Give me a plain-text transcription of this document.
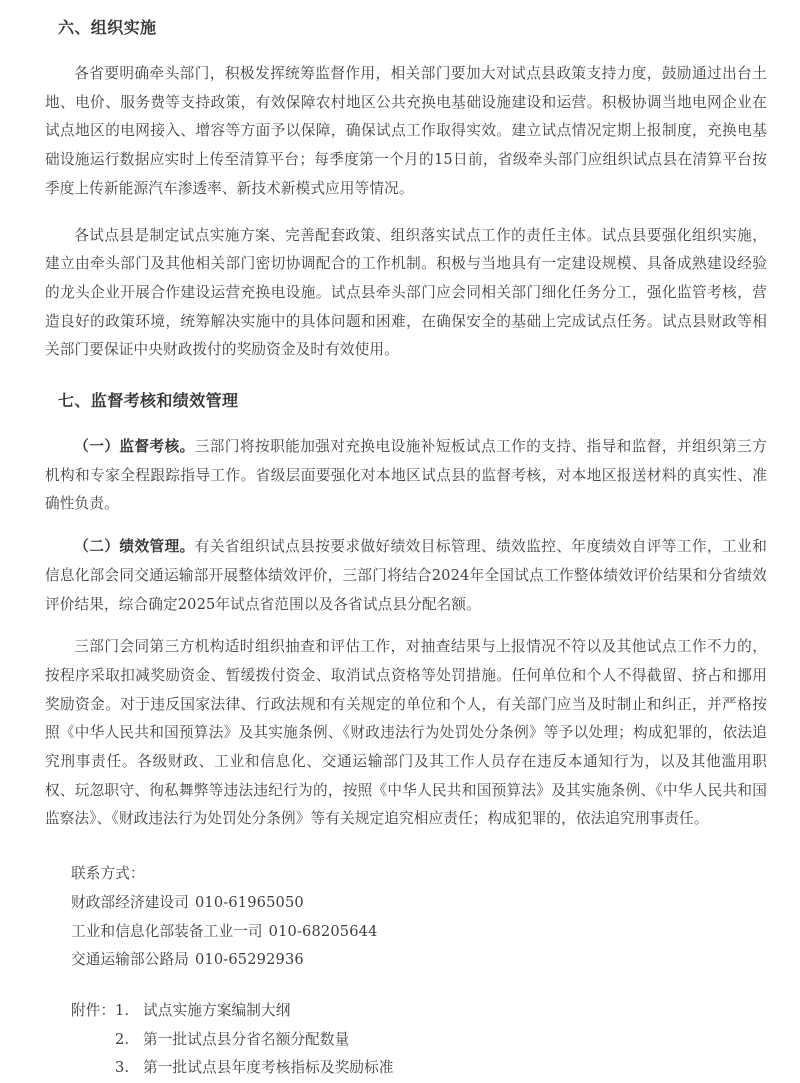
六、组织实施

各省要明确牵头部门，积极发挥统筹监督作用，相关部门要加大对试点县政策支持力度，鼓励通过出台土地、电价、服务费等支持政策，有效保障农村地区公共充换电基础设施建设和运营。积极协调当地电网企业在试点地区的电网接入、增容等方面予以保障，确保试点工作取得实效。建立试点情况定期上报制度，充换电基础设施运行数据应实时上传至清算平台；每季度第一个月的15日前，省级牵头部门应组织试点县在清算平台按季度上传新能源汽车渗透率、新技术新模式应用等情况。

各试点县是制定试点实施方案、完善配套政策、组织落实试点工作的责任主体。试点县要强化组织实施，建立由牵头部门及其他相关部门密切协调配合的工作机制。积极与当地具有一定建设规模、具备成熟建设经验的龙头企业开展合作建设运营充换电设施。试点县牵头部门应会同相关部门细化任务分工，强化监管考核，营造良好的政策环境，统筹解决实施中的具体问题和困难，在确保安全的基础上完成试点任务。试点县财政等相关部门要保证中央财政拨付的奖励资金及时有效使用。

七、监督考核和绩效管理

（一）监督考核。三部门将按职能加强对充换电设施补短板试点工作的支持、指导和监督，并组织第三方机构和专家全程跟踪指导工作。省级层面要强化对本地区试点县的监督考核，对本地区报送材料的真实性、准确性负责。

（二）绩效管理。有关省组织试点县按要求做好绩效目标管理、绩效监控、年度绩效自评等工作，工业和信息化部会同交通运输部开展整体绩效评价，三部门将结合2024年全国试点工作整体绩效评价结果和分省绩效评价结果，综合确定2025年试点省范围以及各省试点县分配名额。

三部门会同第三方机构适时组织抽查和评估工作，对抽查结果与上报情况不符以及其他试点工作不力的，按程序采取扣减奖励资金、暂缓拨付资金、取消试点资格等处罚措施。任何单位和个人不得截留、挤占和挪用奖励资金。对于违反国家法律、行政法规和有关规定的单位和个人，有关部门应当及时制止和纠正，并严格按照《中华人民共和国预算法》及其实施条例、《财政违法行为处罚处分条例》等予以处理；构成犯罪的，依法追究刑事责任。各级财政、工业和信息化、交通运输部门及其工作人员存在违反本通知行为，以及其他滥用职权、玩忽职守、徇私舞弊等违法违纪行为的，按照《中华人民共和国预算法》及其实施条例、《中华人民共和国监察法》、《财政违法行为处罚处分条例》等有关规定追究相应责任；构成犯罪的，依法追究刑事责任。

联系方式：
财政部经济建设司 010-61965050
工业和信息化部装备工业一司 010-68205644
交通运输部公路局 010-65292936
附件： 1. 试点实施方案编制大纲
2. 第一批试点县分省名额分配数量
3. 第一批试点县年度考核指标及奖励标准
